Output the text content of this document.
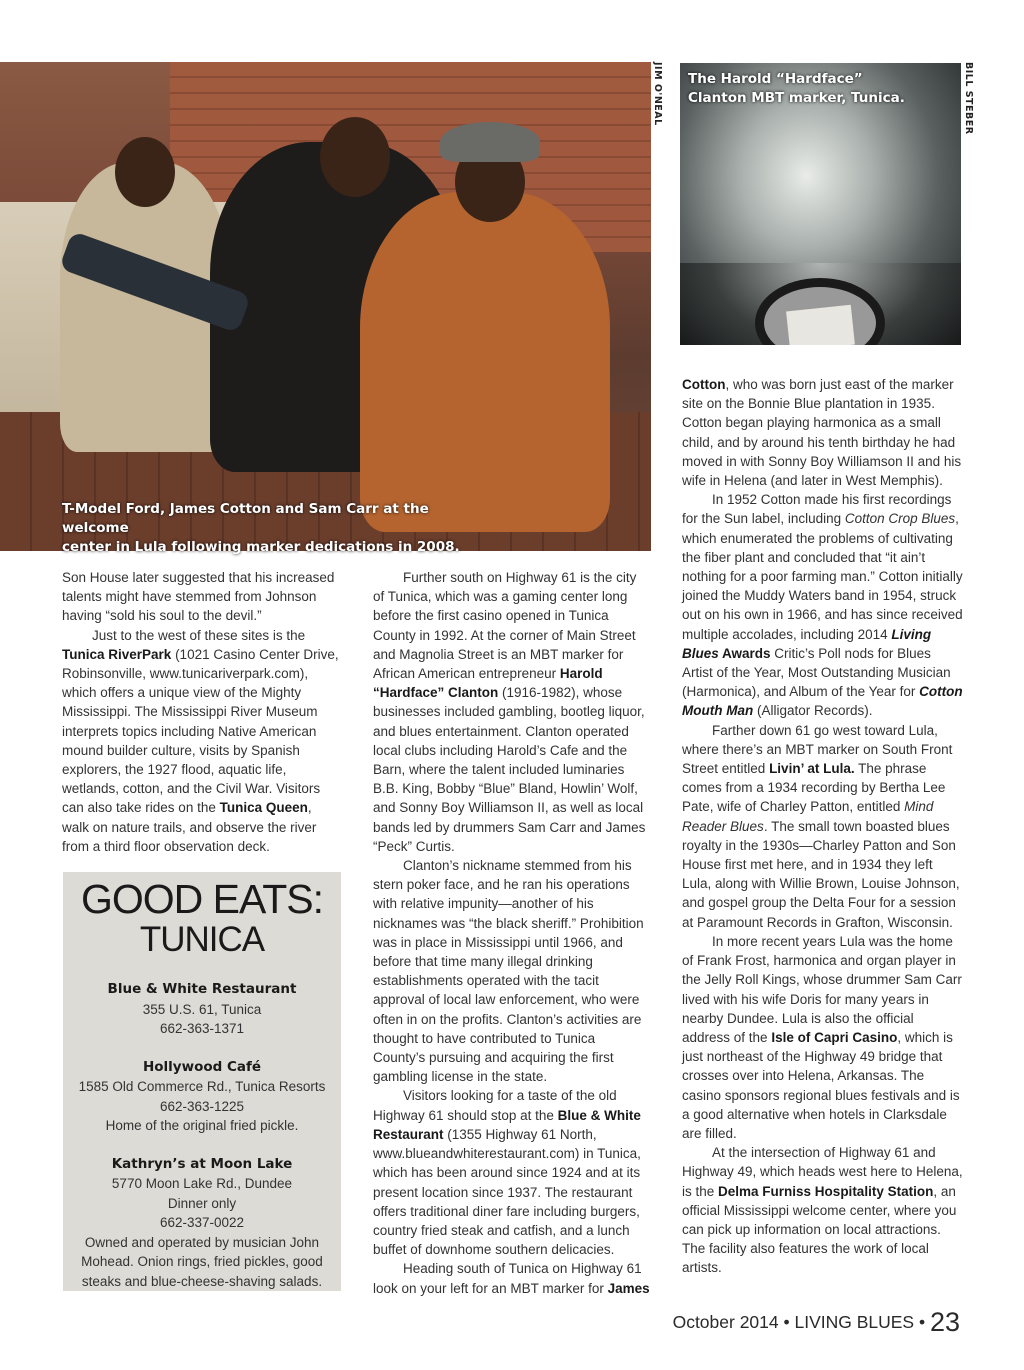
T-Model Ford, James Cotton and Sam Carr at the welcome
center in Lula following marker dedications in 2008.
JIM O'NEAL The Harold “Hardface”
Clanton MBT marker, Tunica.	BILL STEBER

Son House later suggested that his increased talents might have stemmed from Johnson having “sold his soul to the devil.”

Just to the west of these sites is the Tunica RiverPark (1021 Casino Center Drive, Robinsonville, www.tunicariverpark.com), which offers a unique view of the Mighty Mississippi. The Mississippi River Museum interprets topics including Native American mound builder culture, visits by Spanish explorers, the 1927 flood, aquatic life, wetlands, cotton, and the Civil War. Visitors can also take rides on the Tunica Queen, walk on nature trails, and observe the river from a third floor observation deck.

GOOD EATS:
TUNICA
Blue & White Restaurant
355 U.S. 61, Tunica
662-363-1371
Hollywood Café
1585 Old Commerce Rd., Tunica Resorts
662-363-1225
Home of the original fried pickle.
Kathryn’s at Moon Lake
5770 Moon Lake Rd., Dundee
Dinner only
662-337-0022
Owned and operated by musician John Mohead. Onion rings, fried pickles, good steaks and blue-cheese-shaving salads.

Further south on Highway 61 is the city of Tunica, which was a gaming center long before the first casino opened in Tunica County in 1992. At the corner of Main Street and Magnolia Street is an MBT marker for African American entrepreneur Harold “Hardface” Clanton (1916-1982), whose businesses included gambling, bootleg liquor, and blues entertainment. Clanton operated local clubs including Harold’s Cafe and the Barn, where the talent included luminaries B.B. King, Bobby “Blue” Bland, Howlin’ Wolf, and Sonny Boy Williamson II, as well as local bands led by drummers Sam Carr and James “Peck” Curtis.

Clanton’s nickname stemmed from his stern poker face, and he ran his operations with relative impunity—another of his nicknames was “the black sheriff.” Prohibition was in place in Mississippi until 1966, and before that time many illegal drinking establishments operated with the tacit approval of local law enforcement, who were often in on the profits. Clanton’s activities are thought to have contributed to Tunica County’s pursuing and acquiring the first gambling license in the state.

Visitors looking for a taste of the old Highway 61 should stop at the Blue & White Restaurant (1355 Highway 61 North, www.blueandwhiterestaurant.com) in Tunica, which has been around since 1924 and at its present location since 1937. The restaurant offers traditional diner fare including burgers, country fried steak and catfish, and a lunch buffet of downhome southern delicacies.

Heading south of Tunica on Highway 61 look on your left for an MBT marker for James

Cotton, who was born just east of the marker site on the Bonnie Blue plantation in 1935. Cotton began playing harmonica as a small child, and by around his tenth birthday he had moved in with Sonny Boy Williamson II and his wife in Helena (and later in West Memphis).

In 1952 Cotton made his first recordings for the Sun label, including Cotton Crop Blues, which enumerated the problems of cultivating the fiber plant and concluded that “it ain’t nothing for a poor farming man.” Cotton initially joined the Muddy Waters band in 1954, struck out on his own in 1966, and has since received multiple accolades, including 2014 Living Blues Awards Critic’s Poll nods for Blues Artist of the Year, Most Outstanding Musician (Harmonica), and Album of the Year for Cotton Mouth Man (Alligator Records).

Farther down 61 go west toward Lula, where there’s an MBT marker on South Front Street entitled Livin’ at Lula. The phrase comes from a 1934 recording by Bertha Lee Pate, wife of Charley Patton, entitled Mind Reader Blues. The small town boasted blues royalty in the 1930s—Charley Patton and Son House first met here, and in 1934 they left Lula, along with Willie Brown, Louise Johnson, and gospel group the Delta Four for a session at Paramount Records in Grafton, Wisconsin.

In more recent years Lula was the home of Frank Frost, harmonica and organ player in the Jelly Roll Kings, whose drummer Sam Carr lived with his wife Doris for many years in nearby Dundee. Lula is also the official address of the Isle of Capri Casino, which is just northeast of the Highway 49 bridge that crosses over into Helena, Arkansas. The casino sponsors regional blues festivals and is a good alternative when hotels in Clarksdale are filled.

At the intersection of Highway 61 and Highway 49, which heads west here to Helena, is the Delma Furniss Hospitality Station, an official Mississippi welcome center, where you can pick up information on local attractions. The facility also features the work of local artists.

October 2014 • LIVING BLUES • 23
